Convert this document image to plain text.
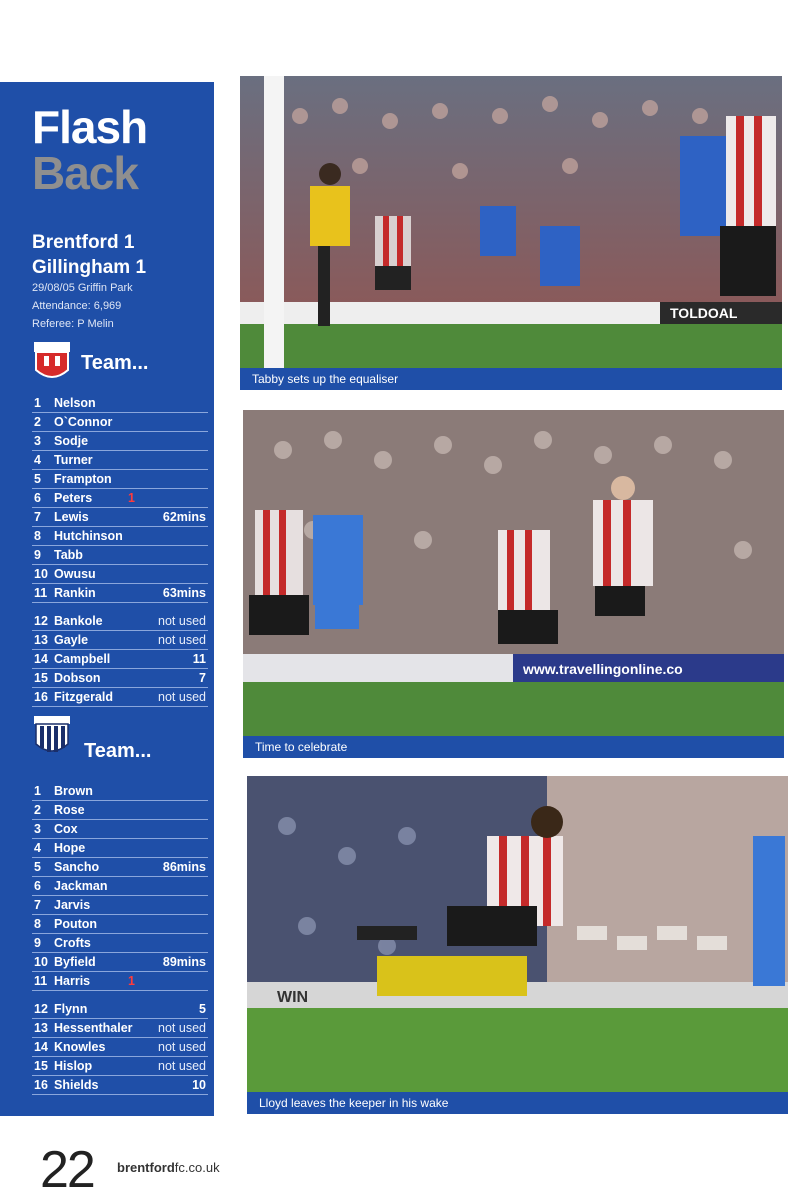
Flash
Back
Brentford 1
Gillingham 1
29/08/05 Griffin Park
Attendance: 6,969
Referee: P Melin
Team...
1 Nelson
2 O`Connor
3 Sodje
4 Turner
5 Frampton
6 Peters	1
7 Lewis	62mins
8 Hutchinson
9 Tabb
10 Owusu
11 Rankin	63mins
12 Bankole	not used
13 Gayle	not used
14 Campbell	11
15 Dobson	7
16 Fitzgerald	not used
Team...
1 Brown
2 Rose
3 Cox
4 Hope
5 Sancho	86mins
6 Jackman
7 Jarvis
8 Pouton
9 Crofts
10 Byfield	89mins
11 Harris	1
12 Flynn	5
13 Hessenthaler not used
14 Knowles	not used
15 Hislop	not used
16 Shields	10
TOLDOAL
Tabby sets up the equaliser
www.travellingonline.co
Time to celebrate
WIN
Lloyd leaves the keeper in his wake
22 brentfordfc.co.uk
